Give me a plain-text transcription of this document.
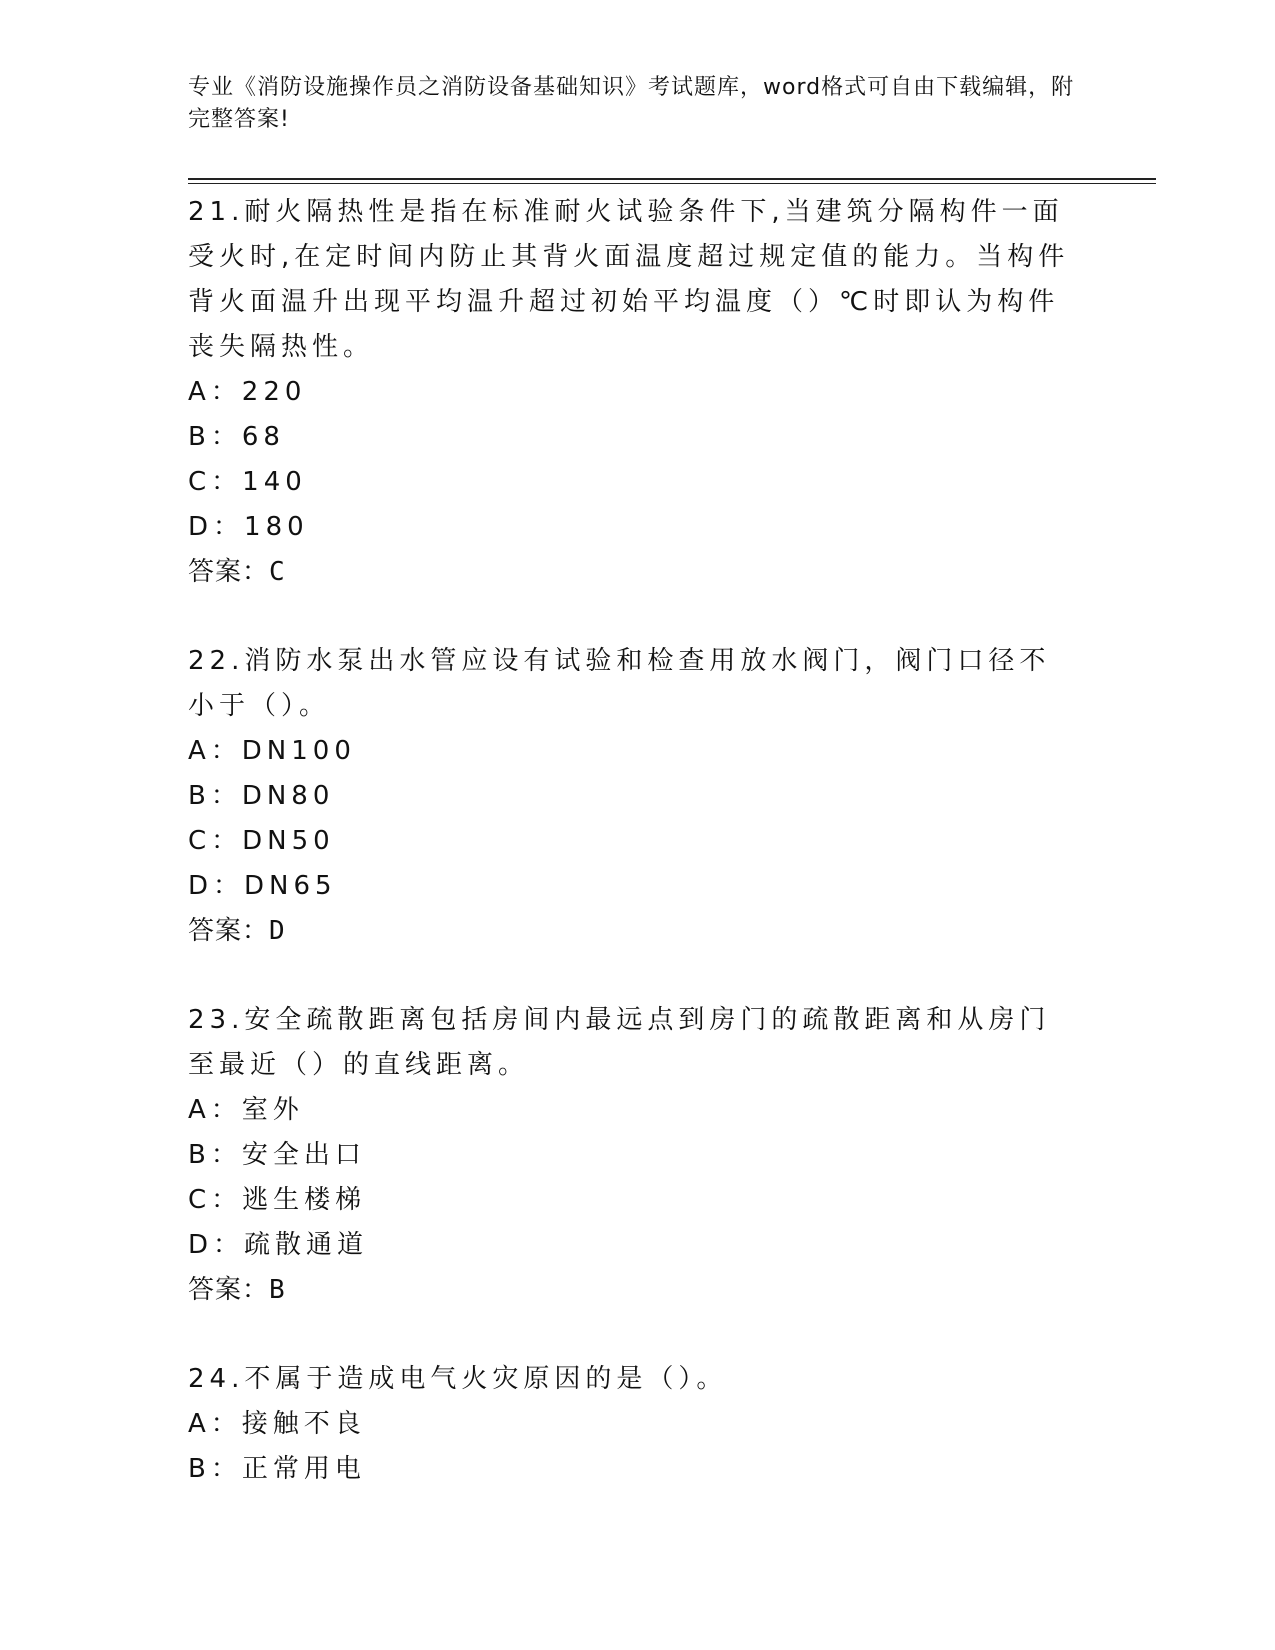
专业《消防设施操作员之消防设备基础知识》考试题库，word格式可自由下载编辑，附完整答案!
21.耐火隔热性是指在标准耐火试验条件下,当建筑分隔构件一面受火时,在定时间内防止其背火面温度超过规定值的能力。当构件背火面温升出现平均温升超过初始平均温度（）℃时即认为构件丧失隔热性。
A：220
B：68
C：140
D：180
答案：C
22.消防水泵出水管应设有试验和检查用放水阀门，阀门口径不小于（）。
A：DN100
B：DN80
C：DN50
D：DN65
答案：D
23.安全疏散距离包括房间内最远点到房门的疏散距离和从房门至最近（）的直线距离。
A：室外
B：安全出口
C：逃生楼梯
D：疏散通道
答案：B
24.不属于造成电气火灾原因的是（）。
A：接触不良
B：正常用电
